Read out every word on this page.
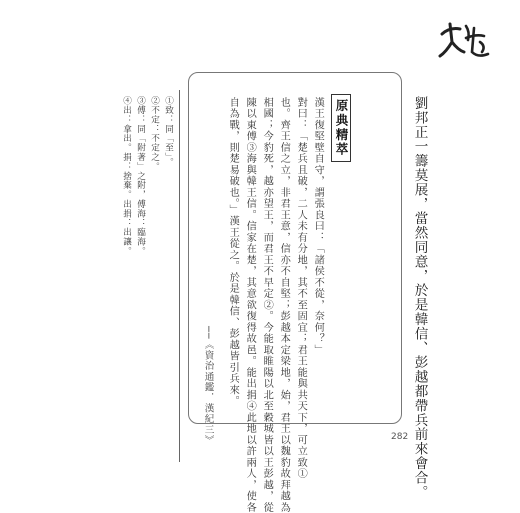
劉邦正一籌莫展，當然同意，於是韓信、彭越都帶兵前來會合。
原典精萃
漢王復堅壁自守，謂張良曰：「諸侯不從，奈何？」
對曰：「楚兵且破，二人未有分地，其不至固宜；君王能與共天下，可立致①
也。齊王信之立，非君王意，信亦不自堅；彭越本定梁地，始，君王以魏豹故拜越為
相國；今豹死，越亦望王，而君王不早定②。今能取睢陽以北至穀城皆以王彭越，從
陳以東傅③海與韓王信。信家在楚，其意欲復得故邑。能出捐④此地以許兩人，使各
自為戰，則楚易破也。」漢王從之。於是韓信、彭越皆引兵來。
──《資治通鑑．漢紀三》
①致：同「至」。
②不定：不定之。
③傅：同「附著」之附，傅海：臨海。
④出：拿出。捐：捨棄。出捐：出讓。
282
